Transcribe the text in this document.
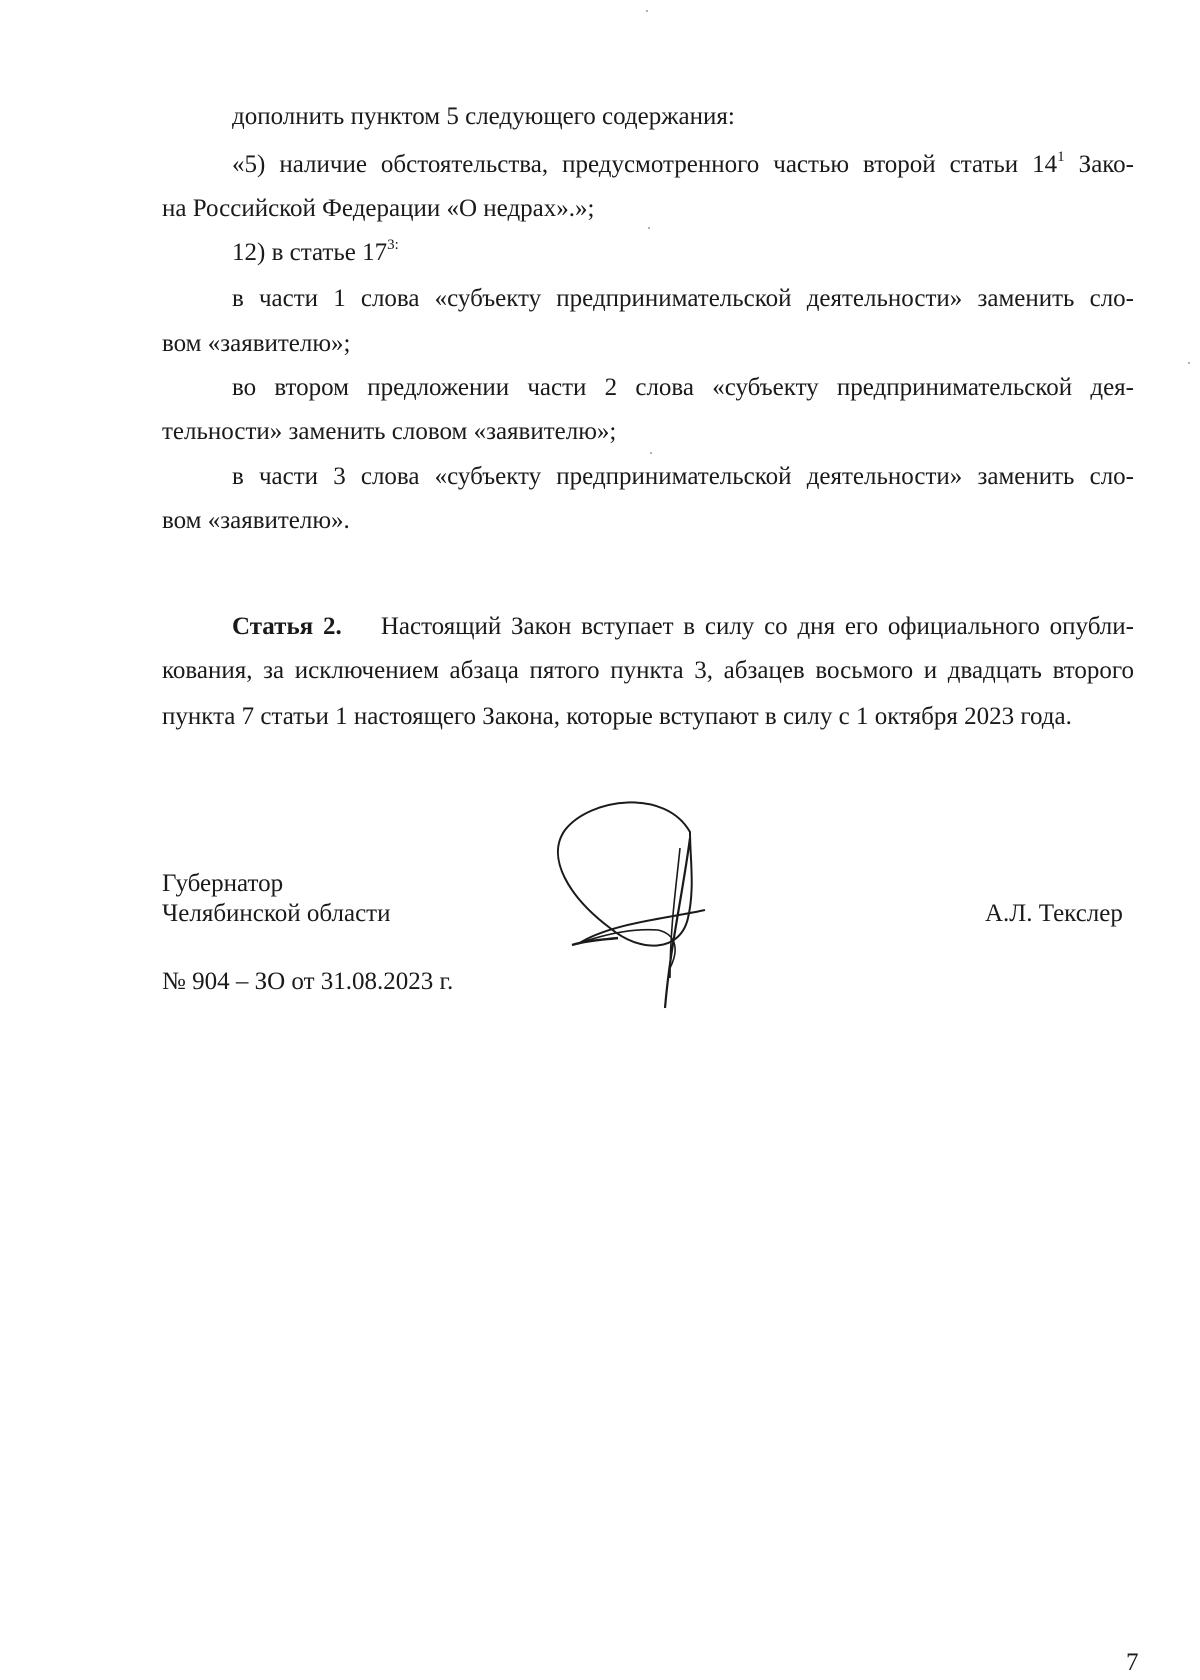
дополнить пунктом 5 следующего содержания:
«5) наличие обстоятельства, предусмотренного частью второй статьи $14^1$ Зако-
на Российской Федерации «О недрах».»;
12) в статье $17^{3:}$
в части 1 слова «субъекту предпринимательской деятельности» заменить сло-
вом «заявителю»;
во втором предложении части 2 слова «субъекту предпринимательской дея-
тельности» заменить словом «заявителю»;
в части 3 слова «субъекту предпринимательской деятельности» заменить сло-
вом «заявителю».
Статья 2. Настоящий Закон вступает в силу со дня его официального опубли-
кования, за исключением абзаца пятого пункта 3, абзацев восьмого и двадцать второго
пункта 7 статьи 1 настоящего Закона, которые вступают в силу с 1 октября 2023 года.
Губернатор
Челябинской области	А.Л. Текслер
№ 904 – ЗО от 31.08.2023 г.
7
